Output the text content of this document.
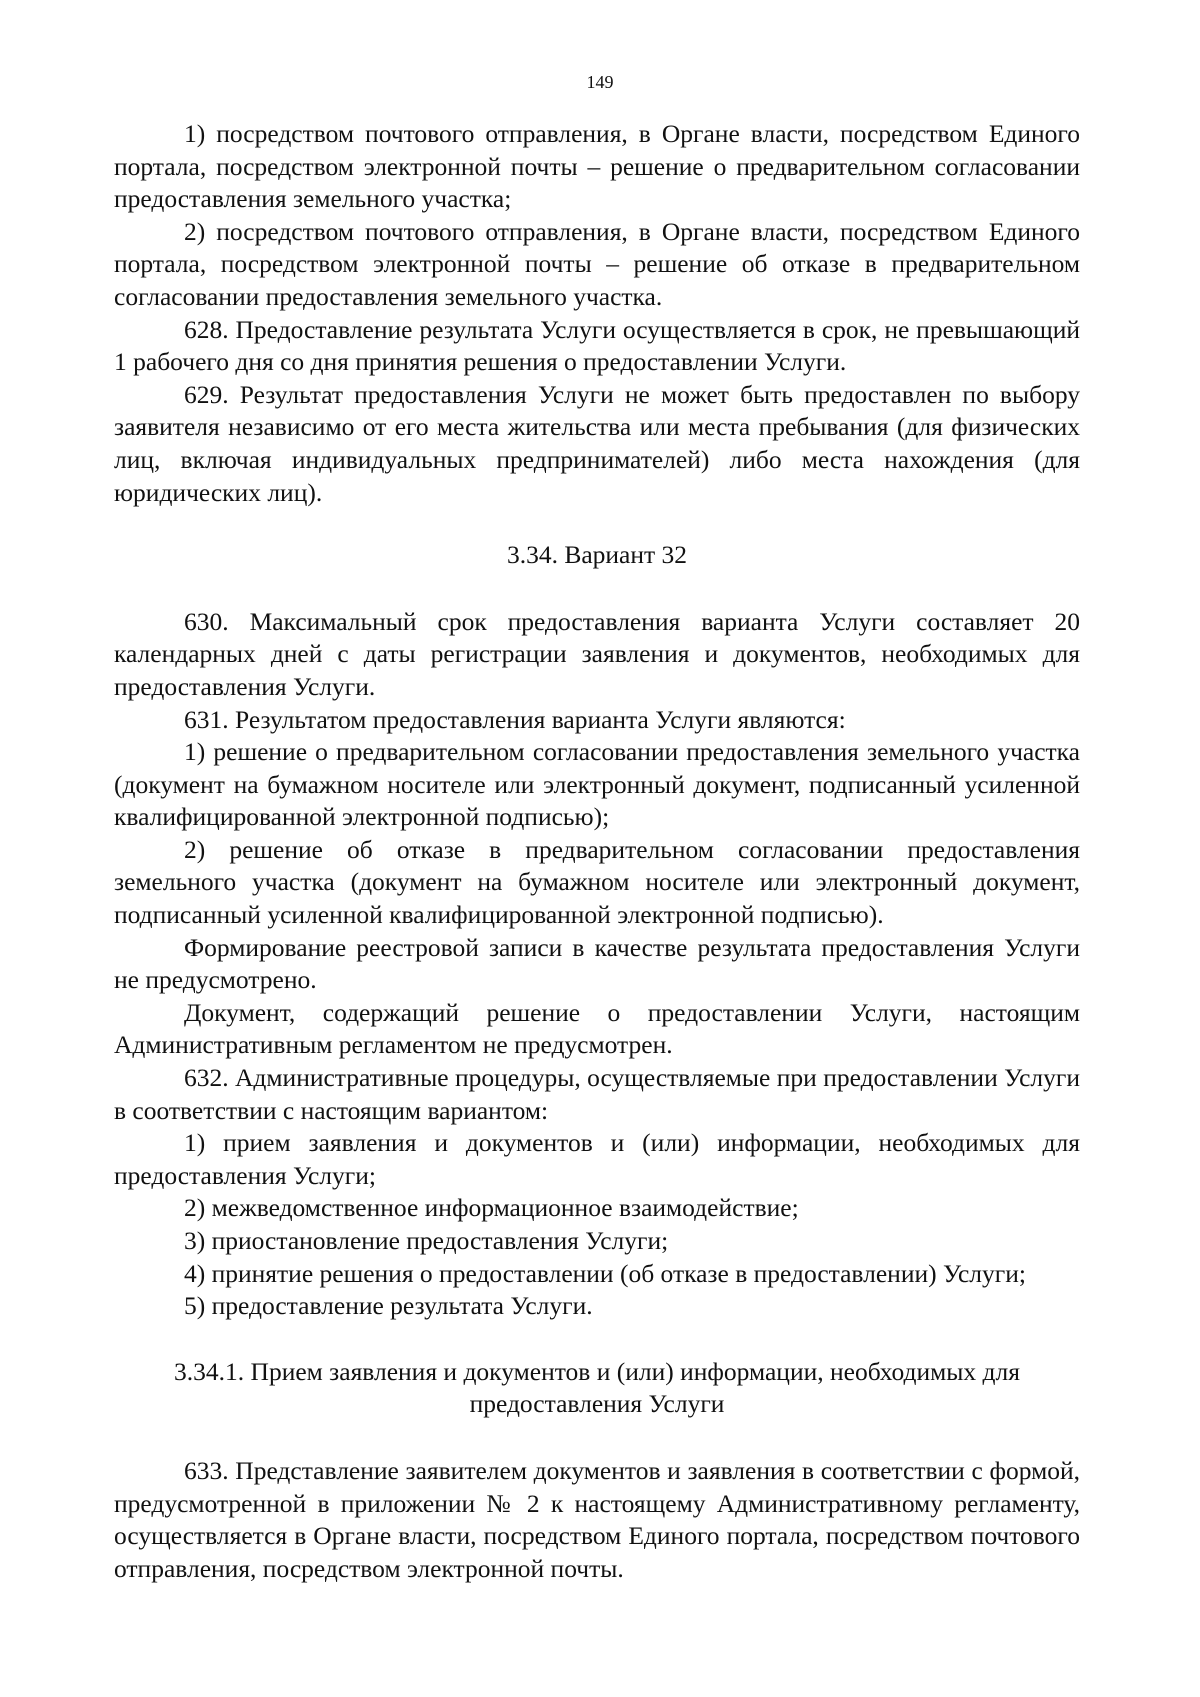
149

1) посредством почтового отправления, в Органе власти, посредством Единого портала, посредством электронной почты – решение о предварительном согласовании предоставления земельного участка;

2) посредством почтового отправления, в Органе власти, посредством Единого портала, посредством электронной почты – решение об отказе в предварительном согласовании предоставления земельного участка.

628. Предоставление результата Услуги осуществляется в срок, не превышающий 1 рабочего дня со дня принятия решения о предоставлении Услуги.

629. Результат предоставления Услуги не может быть предоставлен по выбору заявителя независимо от его места жительства или места пребывания (для физических лиц, включая индивидуальных предпринимателей) либо места нахождения (для юридических лиц).

3.34. Вариант 32

630. Максимальный срок предоставления варианта Услуги составляет 20 календарных дней с даты регистрации заявления и документов, необходимых для предоставления Услуги.

631. Результатом предоставления варианта Услуги являются:

1) решение о предварительном согласовании предоставления земельного участка (документ на бумажном носителе или электронный документ, подписанный усиленной квалифицированной электронной подписью);

2) решение об отказе в предварительном согласовании предоставления земельного участка (документ на бумажном носителе или электронный документ, подписанный усиленной квалифицированной электронной подписью).

Формирование реестровой записи в качестве результата предоставления Услуги не предусмотрено.

Документ, содержащий решение о предоставлении Услуги, настоящим Административным регламентом не предусмотрен.

632. Административные процедуры, осуществляемые при предоставлении Услуги в соответствии с настоящим вариантом:

1) прием заявления и документов и (или) информации, необходимых для предоставления Услуги;

2) межведомственное информационное взаимодействие;

3) приостановление предоставления Услуги;

4) принятие решения о предоставлении (об отказе в предоставлении) Услуги;

5) предоставление результата Услуги.

3.34.1. Прием заявления и документов и (или) информации, необходимых для предоставления Услуги

633. Представление заявителем документов и заявления в соответствии с формой, предусмотренной в приложении № 2 к настоящему Административному регламенту, осуществляется в Органе власти, посредством Единого портала, посредством почтового отправления, посредством электронной почты.
